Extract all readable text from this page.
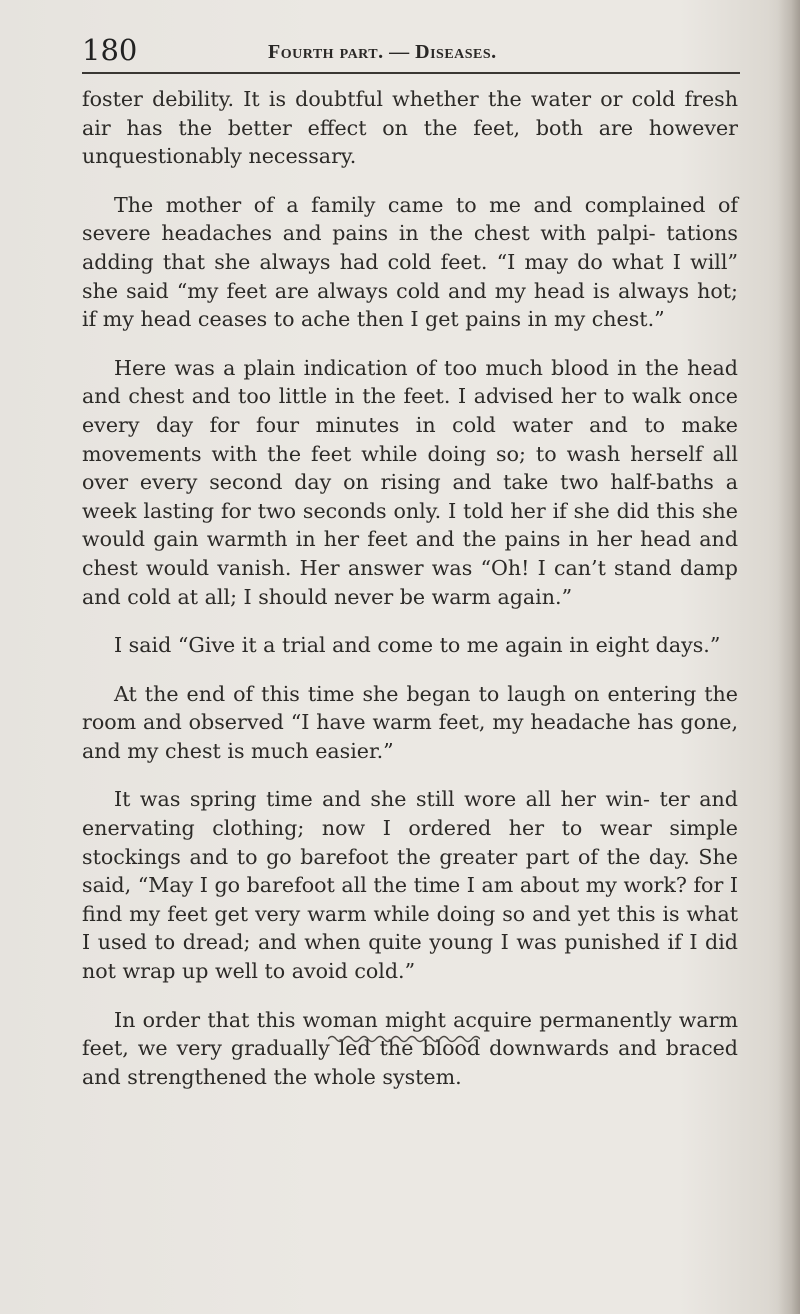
180	Fourth part. — Diseases.

foster debility. It is doubtful whether the water or cold fresh air has the better effect on the feet, both are however unquestionably necessary.

The mother of a family came to me and complained of severe headaches and pains in the chest with palpi- tations adding that she always had cold feet. “I may do what I will” she said “my feet are always cold and my head is always hot; if my head ceases to ache then I get pains in my chest.”

Here was a plain indication of too much blood in the head and chest and too little in the feet. I advised her to walk once every day for four minutes in cold water and to make movements with the feet while doing so; to wash herself all over every second day on rising and take two half-baths a week lasting for two seconds only. I told her if she did this she would gain warmth in her feet and the pains in her head and chest would vanish. Her answer was “Oh! I can’t stand damp and cold at all; I should never be warm again.”

I said “Give it a trial and come to me again in eight days.”

At the end of this time she began to laugh on entering the room and observed “I have warm feet, my headache has gone, and my chest is much easier.”

It was spring time and she still wore all her win- ter and enervating clothing; now I ordered her to wear simple stockings and to go barefoot the greater part of the day. She said, “May I go barefoot all the time I am about my work? for I find my feet get very warm while doing so and yet this is what I used to dread; and when quite young I was punished if I did not wrap up well to avoid cold.”

In order that this woman might acquire permanently warm feet, we very gradually led the blood downwards and braced and strengthened the whole system.
